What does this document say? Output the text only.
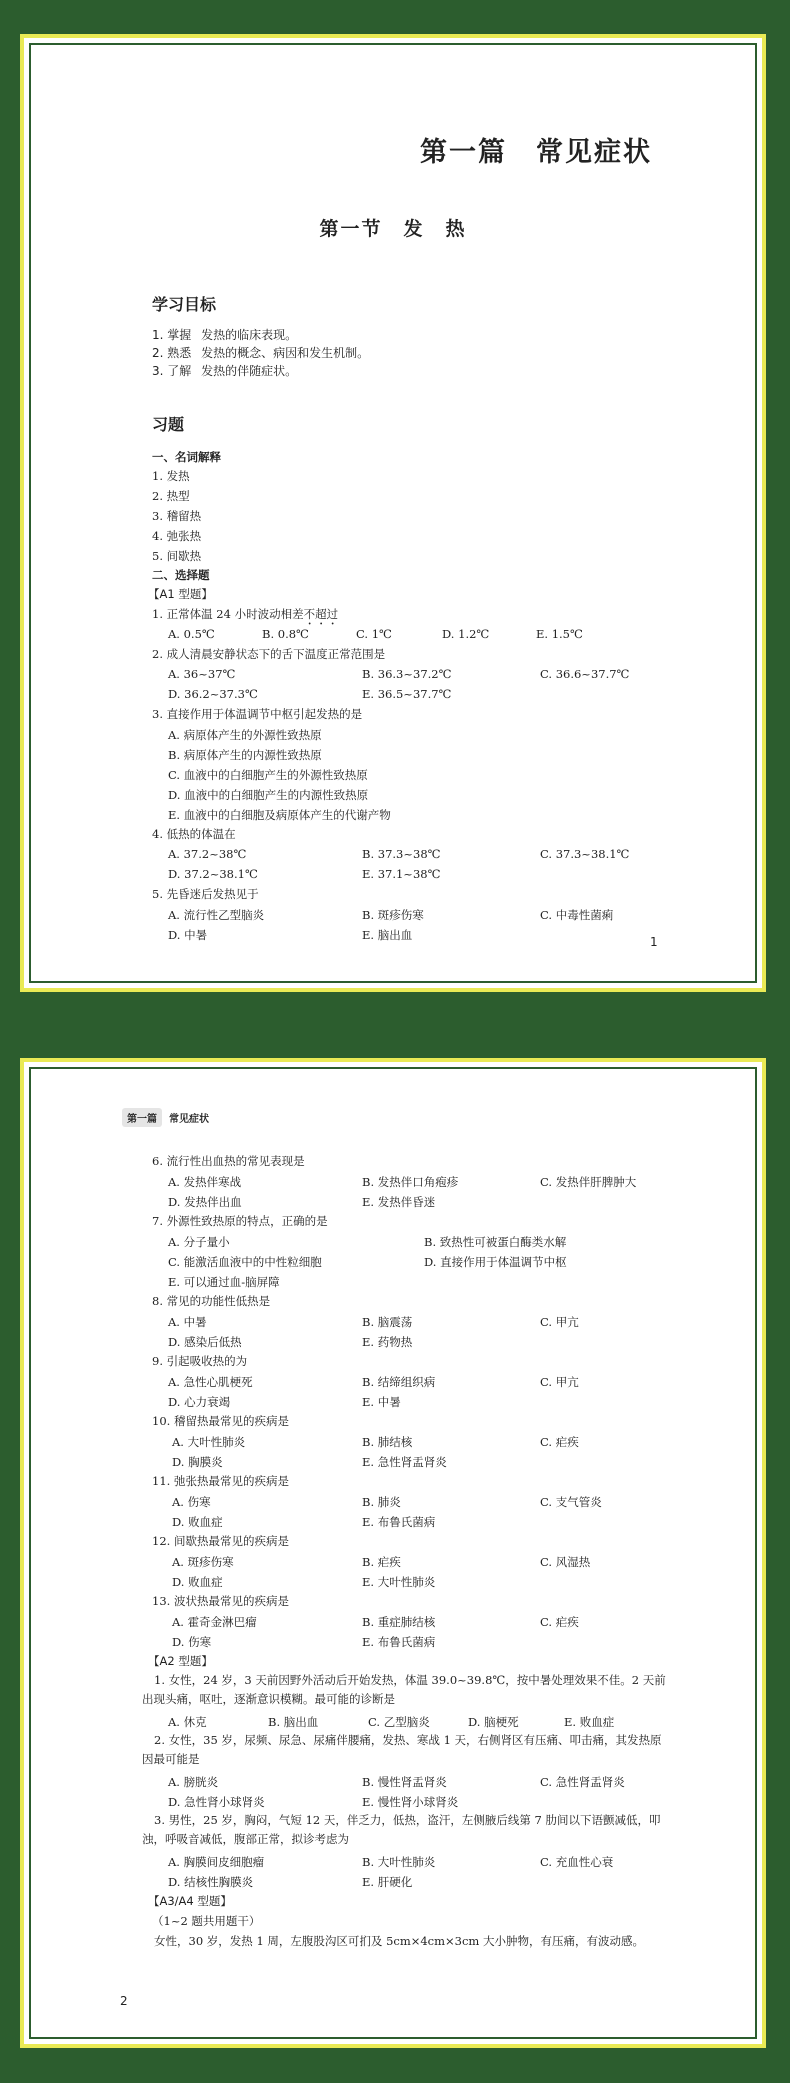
第一篇　常见症状
第一节　发　热
学习目标
1. 掌握 发热的临床表现。
2. 熟悉 发热的概念、病因和发生机制。
3. 了解 发热的伴随症状。
习题
一、名词解释
1. 发热
2. 热型
3. 稽留热
4. 弛张热
5. 间歇热
二、选择题
【A1 型题】
1. 正常体温 24 小时波动相差不超过
A. 0.5℃	B. 0.8℃	C. 1℃	D. 1.2℃	E. 1.5℃
2. 成人清晨安静状态下的舌下温度正常范围是
A. 36~37℃	B. 36.3~37.2℃	C. 36.6~37.7℃
D. 36.2~37.3℃	E. 36.5~37.7℃
3. 直接作用于体温调节中枢引起发热的是
A. 病原体产生的外源性致热原
B. 病原体产生的内源性致热原
C. 血液中的白细胞产生的外源性致热原
D. 血液中的白细胞产生的内源性致热原
E. 血液中的白细胞及病原体产生的代谢产物
4. 低热的体温在
A. 37.2~38℃	B. 37.3~38℃	C. 37.3~38.1℃
D. 37.2~38.1℃	E. 37.1~38℃
5. 先昏迷后发热见于
A. 流行性乙型脑炎	B. 斑疹伤寒	C. 中毒性菌痢
D. 中暑	E. 脑出血	1
第一篇	常见症状
6. 流行性出血热的常见表现是
A. 发热伴寒战	B. 发热伴口角疱疹	C. 发热伴肝脾肿大
D. 发热伴出血	E. 发热伴昏迷
7. 外源性致热原的特点，正确的是
A. 分子量小	B. 致热性可被蛋白酶类水解
C. 能激活血液中的中性粒细胞	D. 直接作用于体温调节中枢
E. 可以通过血-脑屏障
8. 常见的功能性低热是
A. 中暑	B. 脑震荡	C. 甲亢
D. 感染后低热	E. 药物热
9. 引起吸收热的为
A. 急性心肌梗死	B. 结缔组织病	C. 甲亢
D. 心力衰竭	E. 中暑
10. 稽留热最常见的疾病是
A. 大叶性肺炎	B. 肺结核	C. 疟疾
D. 胸膜炎	E. 急性肾盂肾炎
11. 弛张热最常见的疾病是
A. 伤寒	B. 肺炎	C. 支气管炎
D. 败血症	E. 布鲁氏菌病
12. 间歇热最常见的疾病是
A. 斑疹伤寒	B. 疟疾	C. 风湿热
D. 败血症	E. 大叶性肺炎
13. 波状热最常见的疾病是
A. 霍奇金淋巴瘤	B. 重症肺结核	C. 疟疾
D. 伤寒	E. 布鲁氏菌病
【A2 型题】
1. 女性，24 岁，3 天前因野外活动后开始发热，体温 39.0~39.8℃，按中暑处理效果不佳。2 天前出现头痛，呕吐，逐渐意识模糊。最可能的诊断是
A. 休克	B. 脑出血	C. 乙型脑炎	D. 脑梗死	E. 败血症
2. 女性，35 岁，尿频、尿急、尿痛伴腰痛，发热、寒战 1 天，右侧肾区有压痛、叩击痛，其发热原因最可能是
A. 膀胱炎	B. 慢性肾盂肾炎	C. 急性肾盂肾炎
D. 急性肾小球肾炎	E. 慢性肾小球肾炎
3. 男性，25 岁，胸闷，气短 12 天，伴乏力，低热，盗汗，左侧腋后线第 7 肋间以下语颤减低，叩浊，呼吸音减低，腹部正常，拟诊考虑为
A. 胸膜间皮细胞瘤	B. 大叶性肺炎	C. 充血性心衰
D. 结核性胸膜炎	E. 肝硬化
【A3/A4 型题】
（1~2 题共用题干）
女性，30 岁，发热 1 周，左腹股沟区可扪及 5cm×4cm×3cm 大小肿物，有压痛，有波动感。
2
